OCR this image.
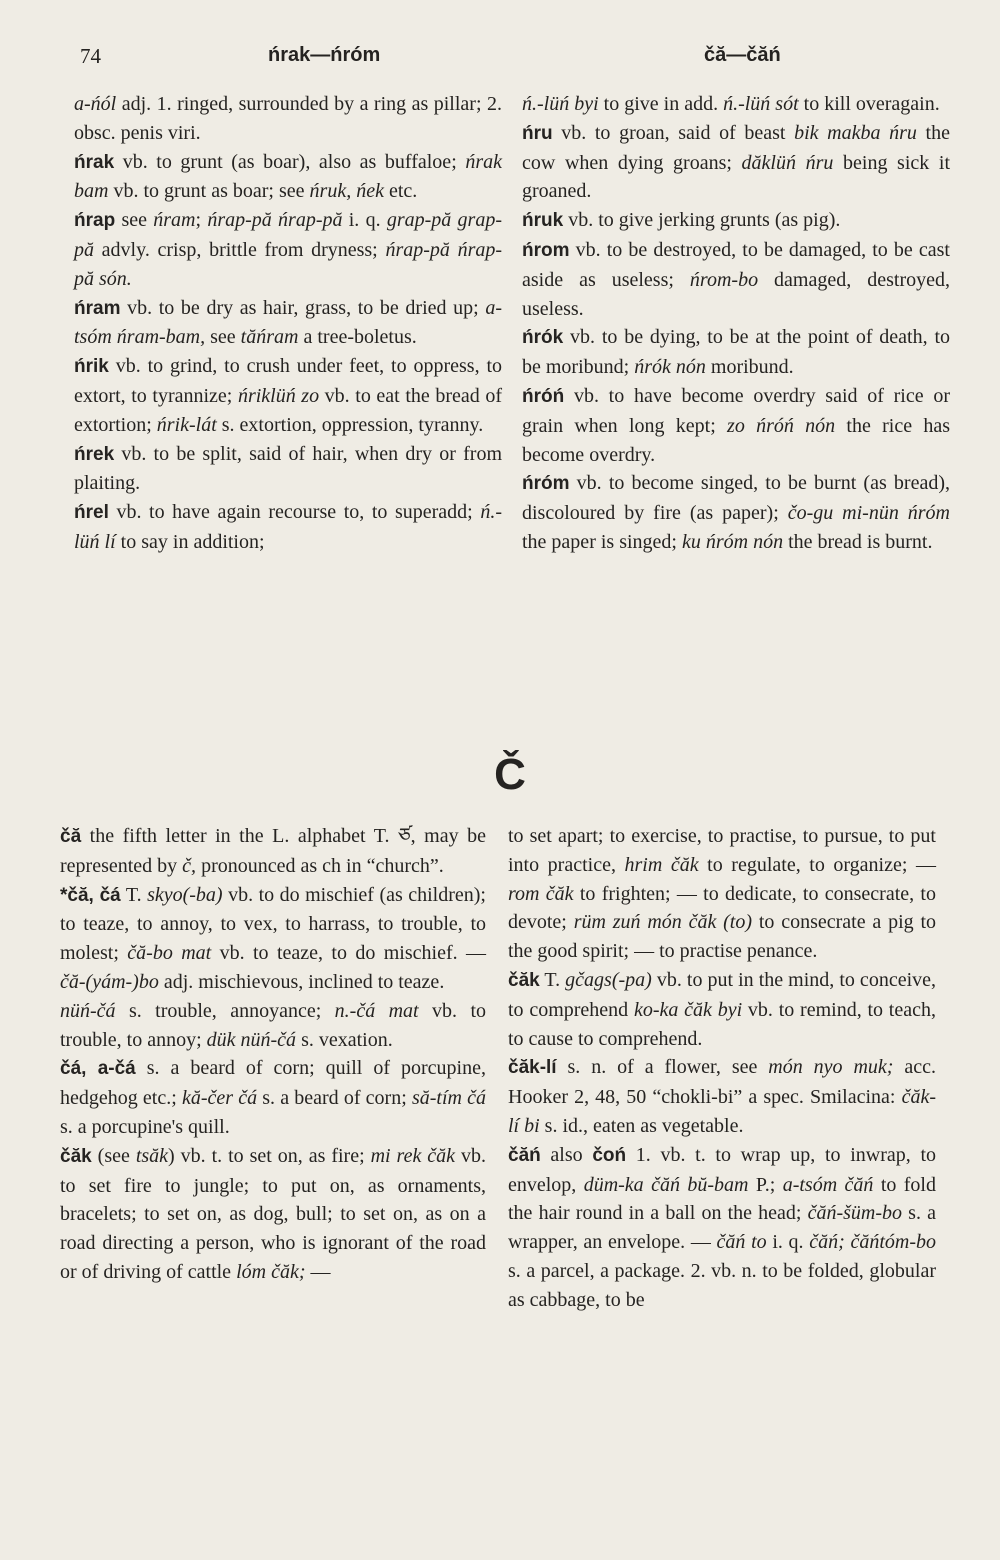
74	ńrak—ńróm	čă—čăń

a-ńól adj. 1. ringed, surrounded by a ring as pillar; 2. obsc. penis viri.

ńrak vb. to grunt (as boar), also as buffaloe; ńrak bam vb. to grunt as boar; see ńruk, ńek etc.

ńrap see ńram; ńrap-pă ńrap-pă i. q. grap-pă grap-pă advly. crisp, brittle from dryness; ńrap-pă ńrap-pă són.

ńram vb. to be dry as hair, grass, to be dried up; a-tsóm ńram-bam, see tăńram a tree-boletus.

ńrik vb. to grind, to crush under feet, to oppress, to extort, to tyrannize; ńriklüń zo vb. to eat the bread of extortion; ńrik-lát s. extortion, oppression, tyranny.

ńrek vb. to be split, said of hair, when dry or from plaiting.

ńrel vb. to have again recourse to, to superadd; ń.-lüń lí to say in addition;

ń.-lüń byi to give in add. ń.-lüń sót to kill overagain.

ńru vb. to groan, said of beast bik makba ńru the cow when dying groans; dăklüń ńru being sick it groaned.

ńruk vb. to give jerking grunts (as pig).

ńrom vb. to be destroyed, to be damaged, to be cast aside as useless; ńrom-bo damaged, destroyed, useless.

ńrók vb. to be dying, to be at the point of death, to be moribund; ńrók nón moribund.

ńróń vb. to have become overdry said of rice or grain when long kept; zo ńróń nón the rice has become overdry.

ńróm vb. to become singed, to be burnt (as bread), discoloured by fire (as paper); čo-gu mi-nün ńróm the paper is singed; ku ńróm nón the bread is burnt.

Č

čă the fifth letter in the L. alphabet T. ཙ, may be represented by č, pronounced as ch in “church”.

*čă, čá T. skyo(-ba) vb. to do mischief (as children); to teaze, to annoy, to vex, to harrass, to trouble, to molest; čă-bo mat vb. to teaze, to do mischief. — čă-(yám-)bo adj. mischievous, inclined to teaze.

nüń-čá s. trouble, annoyance; n.-čá mat vb. to trouble, to annoy; dük nüń-čá s. vexation.

čá, a-čá s. a beard of corn; quill of porcupine, hedgehog etc.; kă-čer čá s. a beard of corn; să-tím čá s. a porcupine's quill.

čăk (see tsăk) vb. t. to set on, as fire; mi rek čăk vb. to set fire to jungle; to put on, as ornaments, bracelets; to set on, as dog, bull; to set on, as on a road directing a person, who is ignorant of the road or of driving of cattle lóm čăk; —

to set apart; to exercise, to practise, to pursue, to put into practice, hrim čăk to regulate, to organize; — rom čăk to frighten; — to dedicate, to consecrate, to devote; rüm zuń món čăk (to) to consecrate a pig to the good spirit; — to practise penance.

čăk T. gčags(-pa) vb. to put in the mind, to conceive, to comprehend ko-ka čăk byi vb. to remind, to teach, to cause to comprehend.

čăk-lí s. n. of a flower, see món nyo muk; acc. Hooker 2, 48, 50 “chokli-bi” a spec. Smilacina: čăk-lí bi s. id., eaten as vegetable.

čăń also čoń 1. vb. t. to wrap up, to inwrap, to envelop, düm-ka čăń bŭ-bam P.; a-tsóm čăń to fold the hair round in a ball on the head; čăń-šüm-bo s. a wrapper, an envelope. — čăń to i. q. čăń; čăńtóm-bo s. a parcel, a package. 2. vb. n. to be folded, globular as cabbage, to be
